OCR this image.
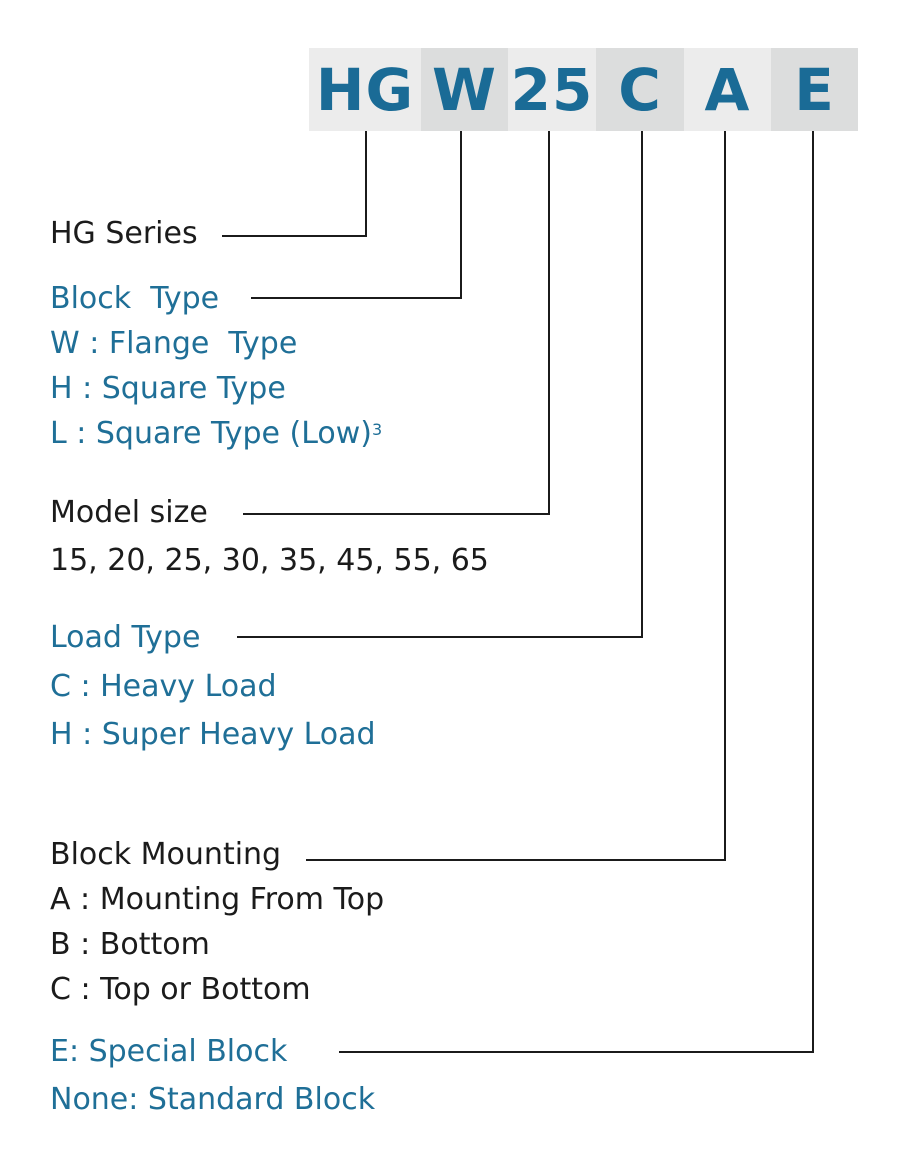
HG W 25 C A E
HG Series
Block  Type
W : Flange  Type
H : Square Type
L : Square Type (Low)$^3$
Model size
15, 20, 25, 30, 35, 45, 55, 65
Load Type
C : Heavy Load
H : Super Heavy Load
Block Mounting
A : Mounting From Top
B : Bottom
C : Top or Bottom
E: Special Block
None: Standard Block
